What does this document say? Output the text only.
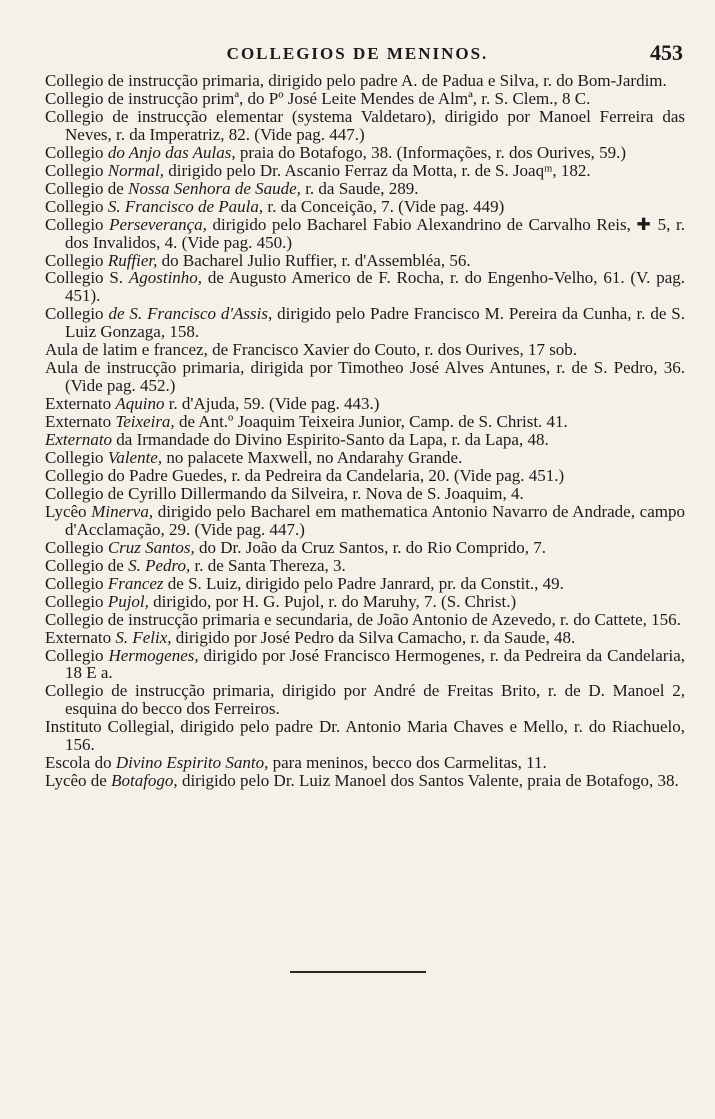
COLLEGIOS DE MENINOS.	453
Collegio de instrucção primaria, dirigido pelo padre A. de Padua e Silva, r. do Bom-Jardim.
Collegio de instrucção primª, do Pº José Leite Mendes de Almª, r. S. Clem., 8 C.
Collegio de instrucção elementar (systema Valdetaro), dirigido por Manoel Ferreira das Neves, r. da Imperatriz, 82. (Vide pag. 447.)
Collegio do Anjo das Aulas, praia do Botafogo, 38. (Informações, r. dos Ourives, 59.)
Collegio Normal, dirigido pelo Dr. Ascanio Ferraz da Motta, r. de S. Joaqᵐ, 182.
Collegio de Nossa Senhora de Saude, r. da Saude, 289.
Collegio S. Francisco de Paula, r. da Conceição, 7. (Vide pag. 449)
Collegio Perseverança, dirigido pelo Bacharel Fabio Alexandrino de Carvalho Reis, ✚ 5, r. dos Invalidos, 4. (Vide pag. 450.)
Collegio Ruffier, do Bacharel Julio Ruffier, r. d'Assembléa, 56.
Collegio S. Agostinho, de Augusto Americo de F. Rocha, r. do Engenho-Velho, 61. (V. pag. 451).
Collegio de S. Francisco d'Assis, dirigido pelo Padre Francisco M. Pereira da Cunha, r. de S. Luiz Gonzaga, 158.
Aula de latim e francez, de Francisco Xavier do Couto, r. dos Ourives, 17 sob.
Aula de instrucção primaria, dirigida por Timotheo José Alves Antunes, r. de S. Pedro, 36. (Vide pag. 452.)
Externato Aquino r. d'Ajuda, 59. (Vide pag. 443.)
Externato Teixeira, de Ant.º Joaquim Teixeira Junior, Camp. de S. Christ. 41.
Externato da Irmandade do Divino Espirito-Santo da Lapa, r. da Lapa, 48.
Collegio Valente, no palacete Maxwell, no Andarahy Grande.
Collegio do Padre Guedes, r. da Pedreira da Candelaria, 20. (Vide pag. 451.)
Collegio de Cyrillo Dillermando da Silveira, r. Nova de S. Joaquim, 4.
Lycêo Minerva, dirigido pelo Bacharel em mathematica Antonio Navarro de Andrade, campo d'Acclamação, 29. (Vide pag. 447.)
Collegio Cruz Santos, do Dr. João da Cruz Santos, r. do Rio Comprido, 7.
Collegio de S. Pedro, r. de Santa Thereza, 3.
Collegio Francez de S. Luiz, dirigido pelo Padre Janrard, pr. da Constit., 49.
Collegio Pujol, dirigido, por H. G. Pujol, r. do Maruhy, 7. (S. Christ.)
Collegio de instrucção primaria e secundaria, de João Antonio de Azevedo, r. do Cattete, 156.
Externato S. Felix, dirigido por José Pedro da Silva Camacho, r. da Saude, 48.
Collegio Hermogenes, dirigido por José Francisco Hermogenes, r. da Pedreira da Candelaria, 18 E a.
Collegio de instrucção primaria, dirigido por André de Freitas Brito, r. de D. Manoel 2, esquina do becco dos Ferreiros.
Instituto Collegial, dirigido pelo padre Dr. Antonio Maria Chaves e Mello, r. do Riachuelo, 156.
Escola do Divino Espirito Santo, para meninos, becco dos Carmelitas, 11.
Lycêo de Botafogo, dirigido pelo Dr. Luiz Manoel dos Santos Valente, praia de Botafogo, 38.
